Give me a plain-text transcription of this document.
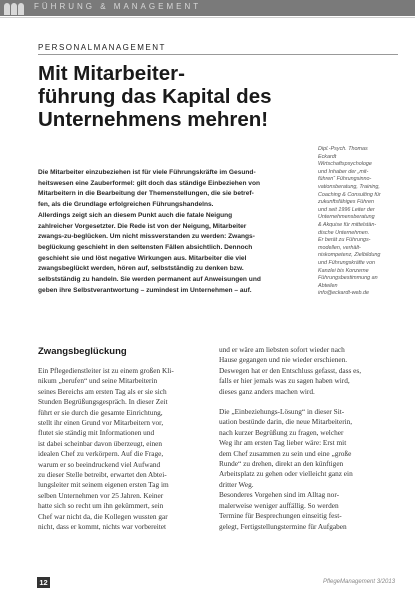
FÜHRUNG & MANAGEMENT
PERSONALMANAGEMENT
Mit Mitarbeiter-
führung das Kapital des
Unternehmens mehren!
Die Mitarbeiter einzubeziehen ist für viele Führungskräfte im Gesund-
heitswesen eine Zauberformel: gilt doch das ständige Einbeziehen von
Mitarbeitern in die Bearbeitung der Themenstellungen, die sie betref-
fen, als die Grundlage erfolgreichen Führungshandelns.
Allerdings zeigt sich an diesem Punkt auch die fatale Neigung
zahlreicher Vorgesetzter. Die Rede ist von der Neigung, Mitarbeiter
zwangs-zu-beglücken. Um nicht missverstanden zu werden: Zwangs-
beglückung geschieht in den seltensten Fällen absichtlich. Dennoch
geschieht sie und löst negative Wirkungen aus. Mitarbeiter die viel
zwangsbeglückt werden, hören auf, selbstständig zu denken bzw.
selbstständig zu handeln. Sie werden permanent auf Anweisungen und
geben ihre Selbstverantwortung – zumindest im Unternehmen – auf.
Dipl.-Psych. Thomas
Eckardt
Wirtschaftspsychologe
und Inhaber der „mit-
führen“ Führungsinno-
vationsberatung, Training,
Coaching & Consulting für
zukunftsfähiges Führen
und seit 1996 Leiter der
Unternehmensberatung
& Akquise für mittelstän-
dische Unternehmen.
Er berät zu Führungs-
modellen, verhält-
niskompetenz, Zielbildung
und Führungskräfte von
Kanzlei bis Konzerne
Führungsbestimmung an
Abteilen
info@eckardt-web.de
Zwangsbeglückung
Ein Pflegedienstleiter ist zu einem großen Kli-
nikum „berufen“ und seine Mitarbeiterin
seines Bereichs am ersten Tag als er sie sich
Stunden Begrüßungsgespräch. In dieser Zeit
führt er sie durch die gesamte Einrichtung,
stellt ihr einen Grund vor Mitarbeitern vor,
flutet sie ständig mit Informationen und
ist dabei scheinbar davon überzeugt, einen
idealen Chef zu verkörpern. Auf die Frage,
warum er so beeindruckend viel Aufwand
zu dieser Stelle betreibt, erwartet den Abtei-
lungsleiter mit seinem eigenen ersten Tag im
selben Unternehmen vor 25 Jahren. Keiner
hatte sich so recht um ihn gekümmert, sein
Chef war nicht da, die Kollegen wussten gar
nicht, dass er kommt, nichts war vorbereitet
und er wäre am liebsten sofort wieder nach
Hause gegangen und nie wieder erschienen.
Deswegen hat er den Entschluss gefasst, dass es,
falls er hier jemals was zu sagen haben wird,
dieses ganz anders machen wird.
Die „Einbeziehungs-Lösung“ in dieser Sit-
uation bestünde darin, die neue Mitarbeiterin,
nach kurzer Begrüßung zu fragen, welcher
Weg ihr am ersten Tag lieber wäre: Erst mit
dem Chef zusammen zu sein und eine „große
Runde“ zu drehen, direkt an den künftigen
Arbeitsplatz zu gehen oder vielleicht ganz ein
dritter Weg.
Besonderes Vorgehen sind im Alltag nor-
malerweise weniger auffällig. So werden
Termine für Besprechungen einseitig fest-
gelegt, Fertigstellungstermine für Aufgaben
12	PflegeManagement 3/2013
